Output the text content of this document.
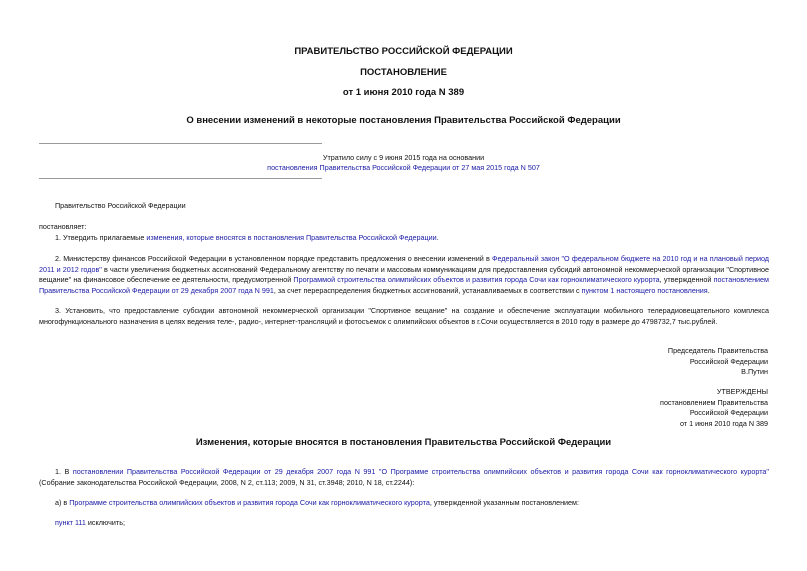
ПРАВИТЕЛЬСТВО РОССИЙСКОЙ ФЕДЕРАЦИИ
ПОСТАНОВЛЕНИЕ
от 1 июня 2010 года N 389
О внесении изменений в некоторые постановления Правительства Российской Федерации
Утратило силу с 9 июня 2015 года на основании
постановления Правительства Российской Федерации от 27 мая 2015 года N 507
Правительство Российской Федерации
постановляет:
1. Утвердить прилагаемые изменения, которые вносятся в постановления Правительства Российской Федерации.
2. Министерству финансов Российской Федерации в установленном порядке представить предложения о внесении изменений в Федеральный закон "О федеральном бюджете на 2010 год и на плановый период 2011 и 2012 годов" в части увеличения бюджетных ассигнований Федеральному агентству по печати и массовым коммуникациям для предоставления субсидий автономной некоммерческой организации "Спортивное вещание" на финансовое обеспечение ее деятельности, предусмотренной Программой строительства олимпийских объектов и развития города Сочи как горноклиматического курорта, утвержденной постановлением Правительства Российской Федерации от 29 декабря 2007 года N 991, за счет перераспределения бюджетных ассигнований, устанавливаемых в соответствии с пунктом 1 настоящего постановления.
3. Установить, что предоставление субсидии автономной некоммерческой организации "Спортивное вещание" на создание и обеспечение эксплуатации мобильного телерадиовещательного комплекса многофункционального назначения в целях ведения теле-, радио-, интернет-трансляций и фотосъемок с олимпийских объектов в г.Сочи осуществляется в 2010 году в размере до 4798732,7 тыс.рублей.
Председатель Правительства
Российской Федерации
В.Путин
УТВЕРЖДЕНЫ
постановлением Правительства
Российской Федерации
от 1 июня 2010 года N 389
Изменения, которые вносятся в постановления Правительства Российской Федерации
1. В постановлении Правительства Российской Федерации от 29 декабря 2007 года N 991 "О Программе строительства олимпийских объектов и развития города Сочи как горноклиматического курорта" (Собрание законодательства Российской Федерации, 2008, N 2, ст.113; 2009, N 31, ст.3948; 2010, N 18, ст.2244):
а) в Программе строительства олимпийских объектов и развития города Сочи как горноклиматического курорта, утвержденной указанным постановлением:
пункт 111 исключить;
